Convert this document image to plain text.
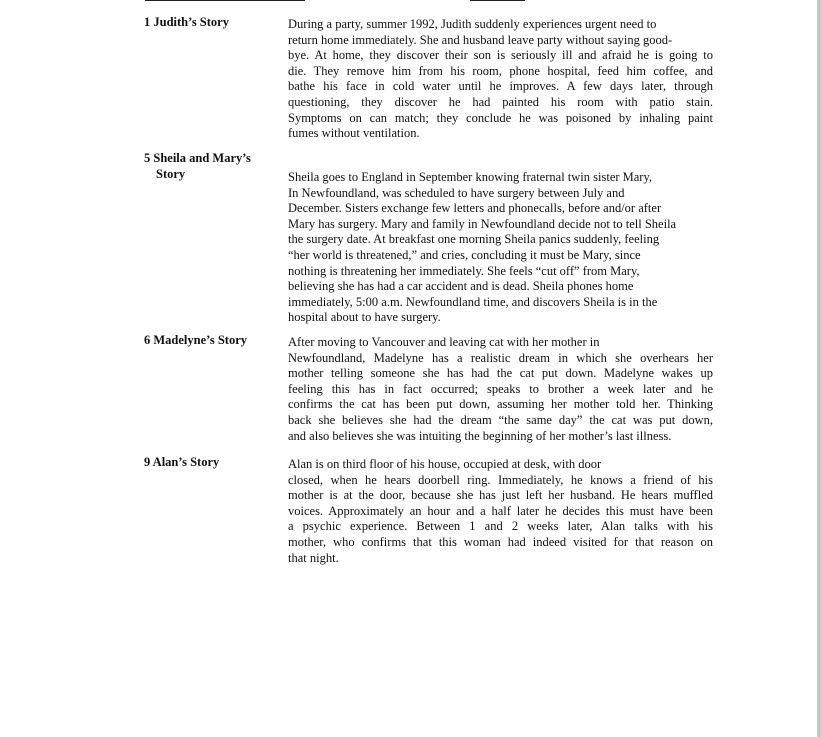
1 Judith’s Story	During a party, summer 1992, Judith suddenly experiences urgent need to
return home immediately. She and husband leave party without saying good-
bye. At home, they discover their son is seriously ill and afraid he is going to
die. They remove him from his room, phone hospital, feed him coffee, and
bathe his face in cold water until he improves. A few days later, through
questioning, they discover he had painted his room with patio stain.
Symptoms on can match; they conclude he was poisoned by inhaling paint
fumes without ventilation.
5 Sheila and Mary’s
Story	Sheila goes to England in September knowing fraternal twin sister Mary,
In Newfoundland, was scheduled to have surgery between July and
December. Sisters exchange few letters and phonecalls, before and/or after
Mary has surgery. Mary and family in Newfoundland decide not to tell Sheila
the surgery date. At breakfast one morning Sheila panics suddenly, feeling
“her world is threatened,” and cries, concluding it must be Mary, since
nothing is threatening her immediately. She feels “cut off” from Mary,
believing she has had a car accident and is dead. Sheila phones home
immediately, 5:00 a.m. Newfoundland time, and discovers Sheila is in the
hospital about to have surgery.
6 Madelyne’s Story	After moving to Vancouver and leaving cat with her mother in
Newfoundland, Madelyne has a realistic dream in which she overhears her
mother telling someone she has had the cat put down. Madelyne wakes up
feeling this has in fact occurred; speaks to brother a week later and he
confirms the cat has been put down, assuming her mother told her. Thinking
back she believes she had the dream “the same day” the cat was put down,
and also believes she was intuiting the beginning of her mother’s last illness.
9 Alan’s Story	Alan is on third floor of his house, occupied at desk, with door
closed, when he hears doorbell ring. Immediately, he knows a friend of his
mother is at the door, because she has just left her husband. He hears muffled
voices. Approximately an hour and a half later he decides this must have been
a psychic experience. Between 1 and 2 weeks later, Alan talks with his
mother, who confirms that this woman had indeed visited for that reason on
that night.
